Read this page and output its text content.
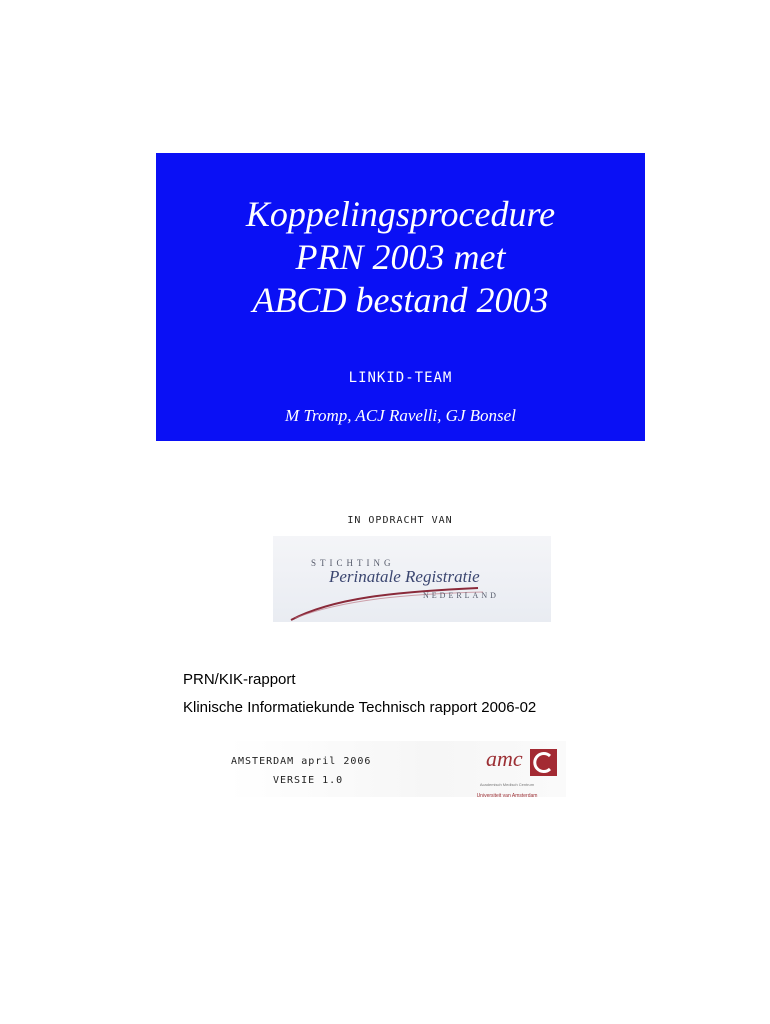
Koppelingsprocedure
PRN 2003 met
ABCD bestand 2003
LINKID-TEAM
M Tromp, ACJ Ravelli, GJ Bonsel
IN OPDRACHT VAN
STICHTING
Perinatale Registratie
NEDERLAND
PRN/KIK-rapport
Klinische Informatiekunde Technisch rapport 2006-02
AMSTERDAM april 2006
VERSIE 1.0
amc
Academisch Medisch Centrum
Universiteit van Amsterdam
